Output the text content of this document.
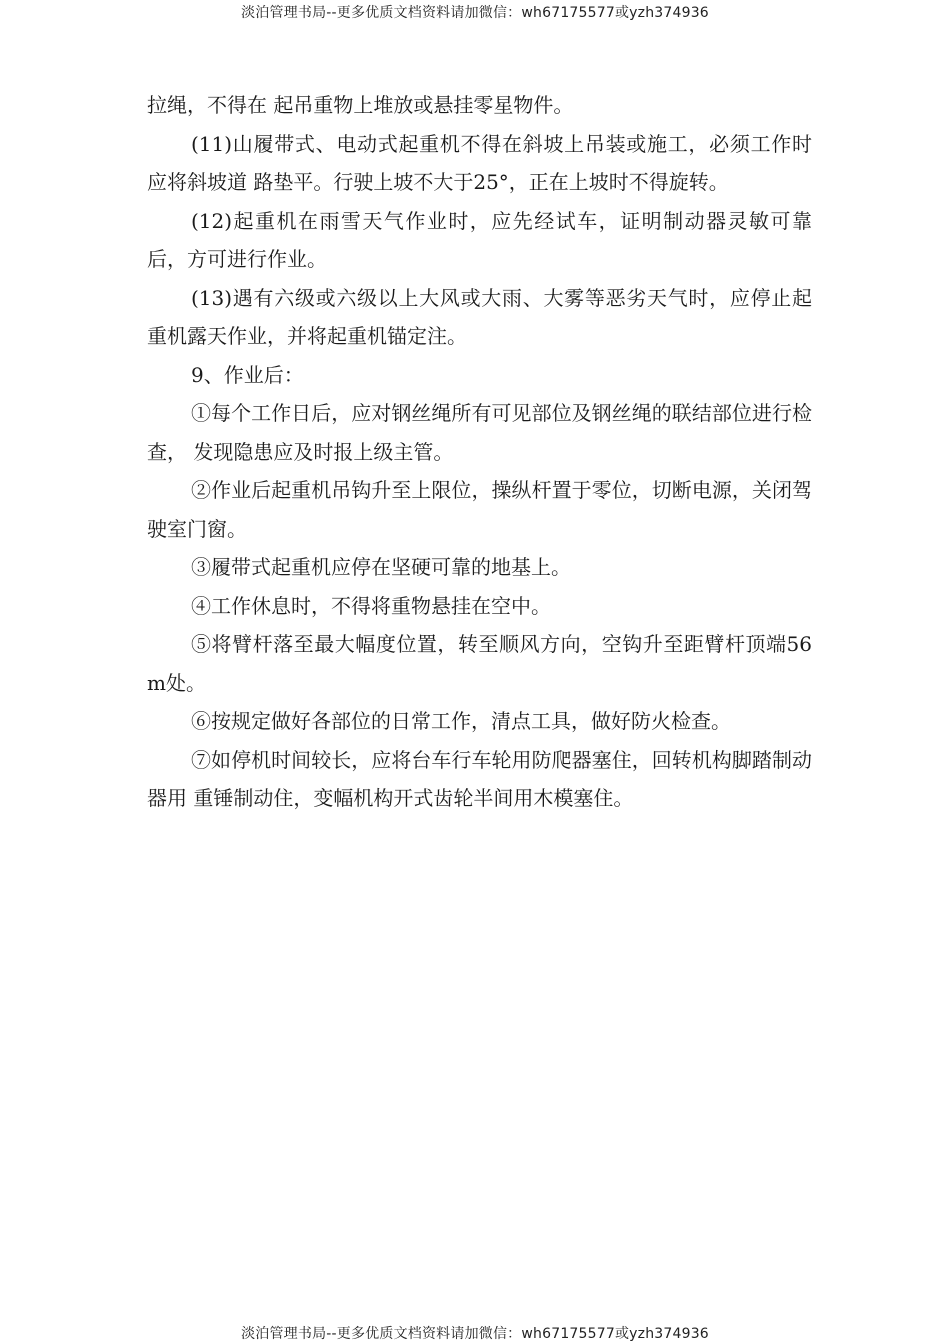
淡泊管理书局--更多优质文档资料请加微信：wh67175577或yzh374936

拉绳，不得在 起吊重物上堆放或悬挂零星物件。

(11)山履带式、电动式起重机不得在斜坡上吊装或施工，必须工作时应将斜坡道 路垫平。行驶上坡不大于25°，正在上坡时不得旋转。

(12)起重机在雨雪天气作业时，应先经试车，证明制动器灵敏可靠后，方可进行作业。

(13)遇有六级或六级以上大风或大雨、大雾等恶劣天气时，应停止起重机露天作业，并将起重机锚定注。

9、作业后：

①每个工作日后，应对钢丝绳所有可见部位及钢丝绳的联结部位进行检查， 发现隐患应及时报上级主管。

②作业后起重机吊钩升至上限位，操纵杆置于零位，切断电源，关闭驾驶室门窗。

③履带式起重机应停在坚硬可靠的地基上。

④工作休息时，不得将重物悬挂在空中。

⑤将臂杆落至最大幅度位置，转至顺风方向，空钩升至距臂杆顶端56m处。

⑥按规定做好各部位的日常工作，清点工具，做好防火检查。

⑦如停机时间较长，应将台车行车轮用防爬器塞住，回转机构脚踏制动器用 重锤制动住，变幅机构开式齿轮半间用木模塞住。

淡泊管理书局--更多优质文档资料请加微信：wh67175577或yzh374936
